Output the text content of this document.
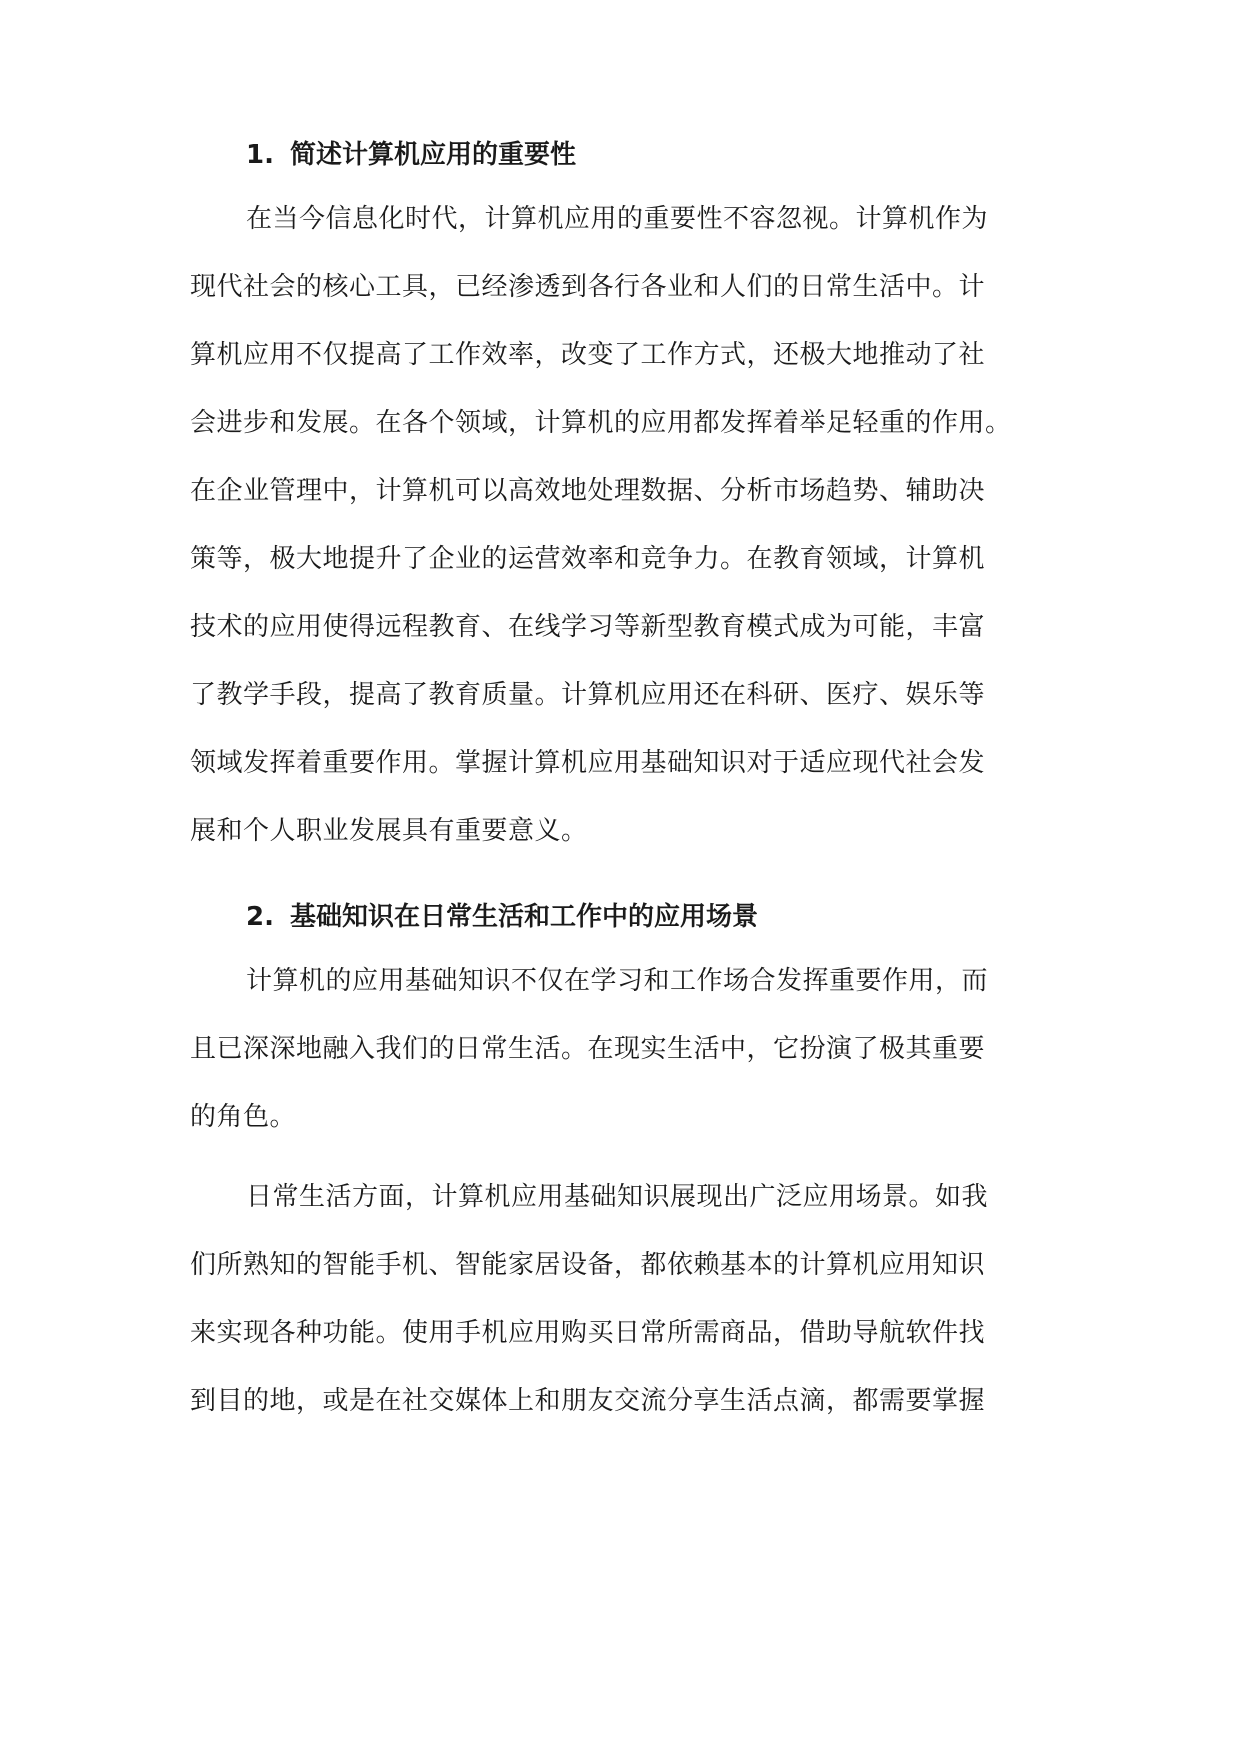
1. 简述计算机应用的重要性
在当今信息化时代，计算机应用的重要性不容忽视。计算机作为
现代社会的核心工具，已经渗透到各行各业和人们的日常生活中。计
算机应用不仅提高了工作效率，改变了工作方式，还极大地推动了社
会进步和发展。在各个领域，计算机的应用都发挥着举足轻重的作用。
在企业管理中，计算机可以高效地处理数据、分析市场趋势、辅助决
策等，极大地提升了企业的运营效率和竞争力。在教育领域，计算机
技术的应用使得远程教育、在线学习等新型教育模式成为可能，丰富
了教学手段，提高了教育质量。计算机应用还在科研、医疗、娱乐等
领域发挥着重要作用。掌握计算机应用基础知识对于适应现代社会发
展和个人职业发展具有重要意义。
2. 基础知识在日常生活和工作中的应用场景
计算机的应用基础知识不仅在学习和工作场合发挥重要作用，而
且已深深地融入我们的日常生活。在现实生活中，它扮演了极其重要
的角色。
日常生活方面，计算机应用基础知识展现出广泛应用场景。如我
们所熟知的智能手机、智能家居设备，都依赖基本的计算机应用知识
来实现各种功能。使用手机应用购买日常所需商品，借助导航软件找
到目的地，或是在社交媒体上和朋友交流分享生活点滴，都需要掌握
